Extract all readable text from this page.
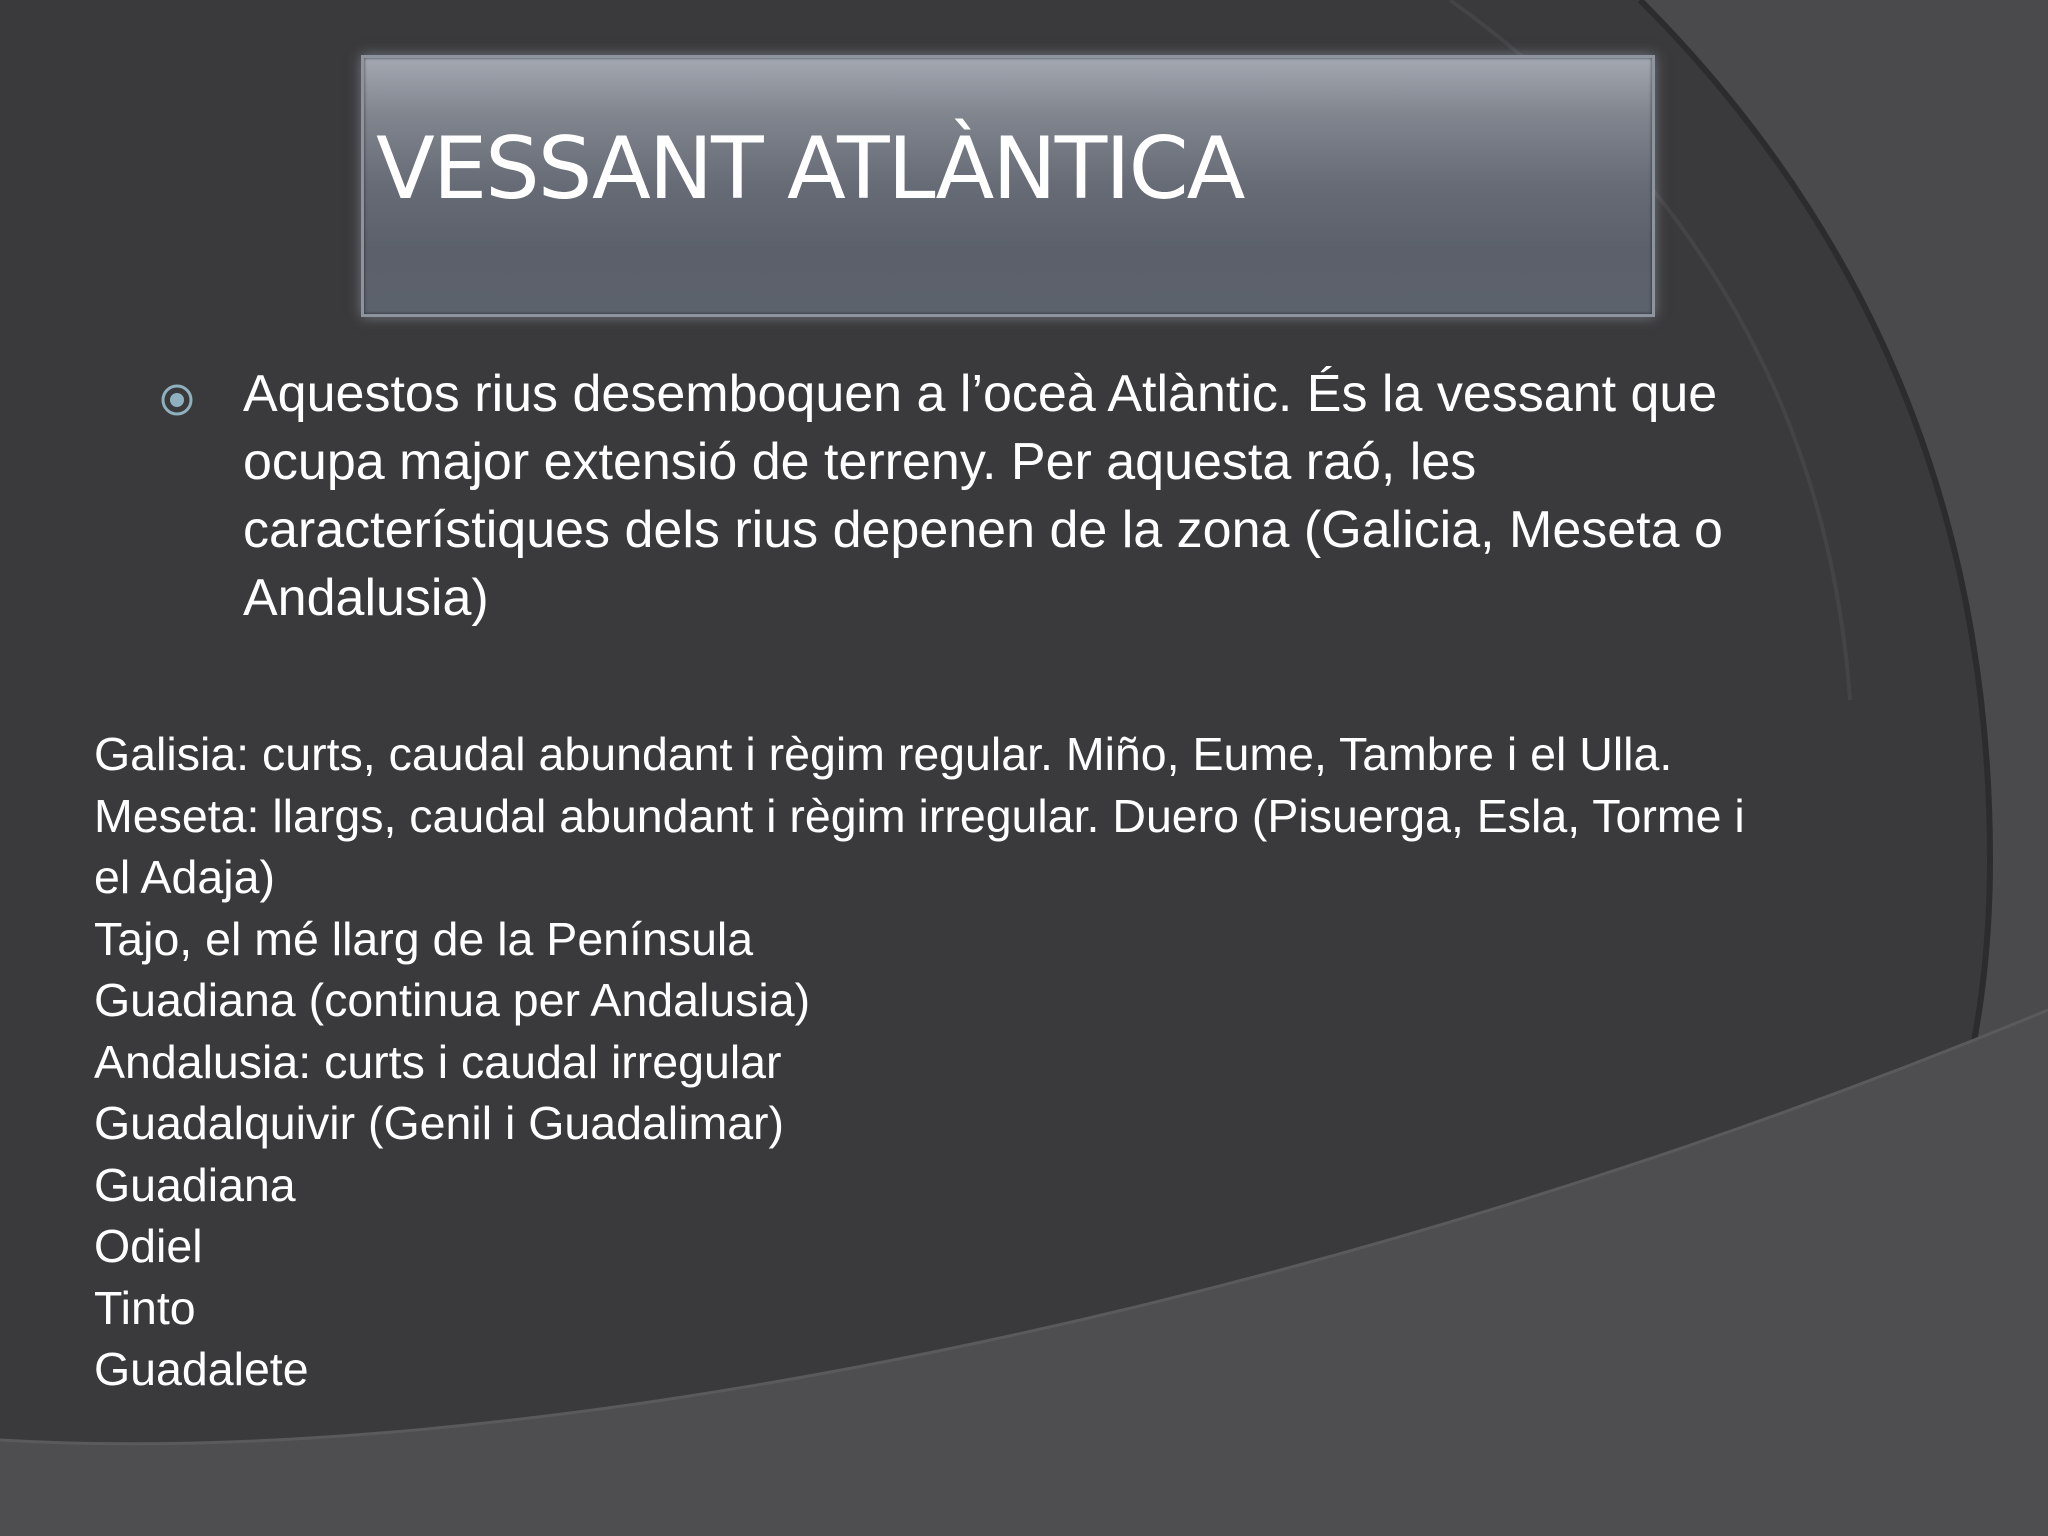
VESSANT ATLÀNTICA

Aquestos rius desemboquen a l’oceà Atlàntic. És la vessant que ocupa major extensió de terreny. Per aquesta raó, les característiques dels rius depenen de la zona (Galicia, Meseta o Andalusia)

Galisia: curts, caudal abundant i règim regular. Miño, Eume, Tambre i el Ulla.
Meseta: llargs, caudal abundant i règim irregular. Duero (Pisuerga, Esla, Torme i el Adaja)
Tajo, el mé llarg de la Península
Guadiana (continua per Andalusia)
Andalusia: curts i caudal irregular
Guadalquivir (Genil i Guadalimar)
Guadiana
Odiel
Tinto
Guadalete
